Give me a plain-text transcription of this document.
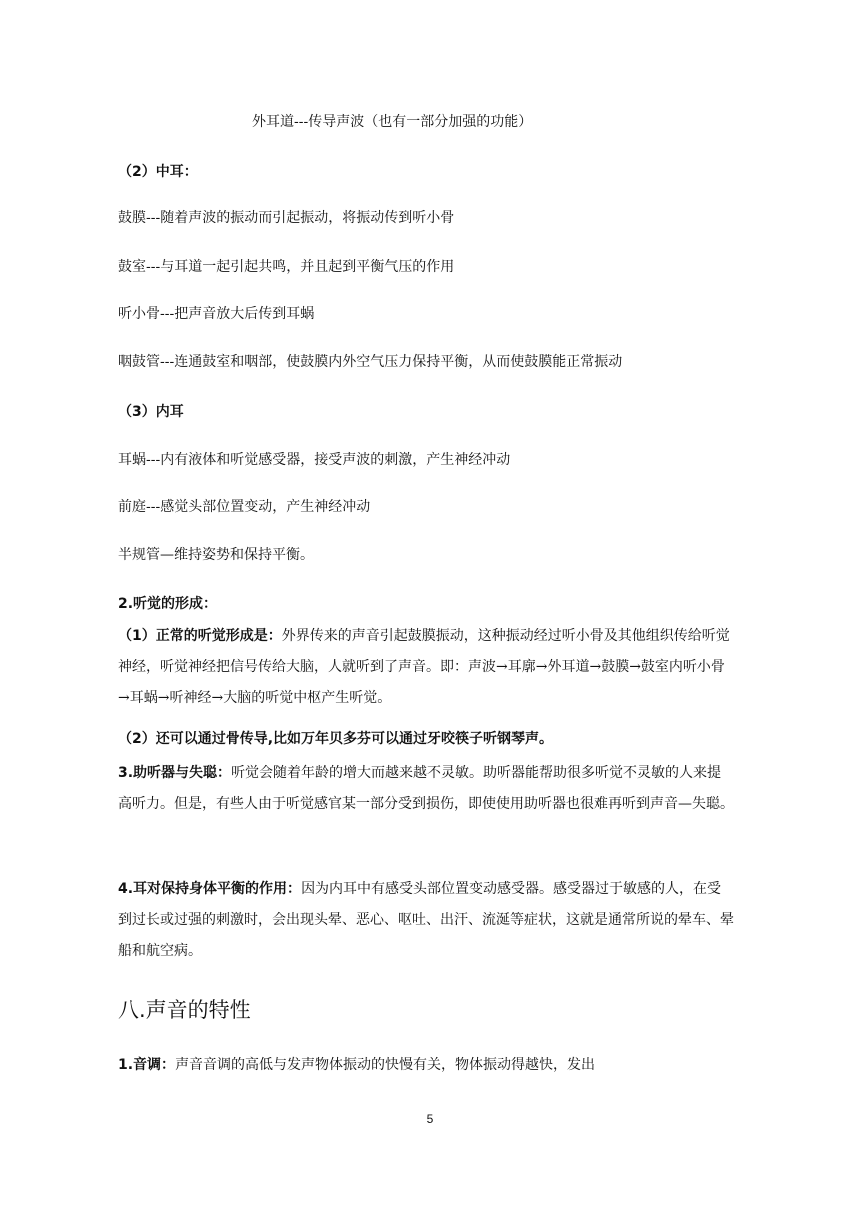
外耳道---传导声波（也有一部分加强的功能）
（2）中耳：
鼓膜---随着声波的振动而引起振动，将振动传到听小骨
鼓室---与耳道一起引起共鸣，并且起到平衡气压的作用
听小骨---把声音放大后传到耳蜗
咽鼓管---连通鼓室和咽部，使鼓膜内外空气压力保持平衡，从而使鼓膜能正常振动
（3）内耳
耳蜗---内有液体和听觉感受器，接受声波的刺激，产生神经冲动
前庭---感觉头部位置变动，产生神经冲动
半规管—维持姿势和保持平衡。
2.听觉的形成：
（1）正常的听觉形成是：外界传来的声音引起鼓膜振动，这种振动经过听小骨及其他组织传给听觉神经，听觉神经把信号传给大脑，人就听到了声音。即：声波→耳廓→外耳道→鼓膜→鼓室内听小骨→耳蜗→听神经→大脑的听觉中枢产生听觉。
（2）还可以通过骨传导,比如万年贝多芬可以通过牙咬筷子听钢琴声。
3.助听器与失聪：听觉会随着年龄的增大而越来越不灵敏。助听器能帮助很多听觉不灵敏的人来提高听力。但是，有些人由于听觉感官某一部分受到损伤，即使使用助听器也很难再听到声音—失聪。
4.耳对保持身体平衡的作用：因为内耳中有感受头部位置变动感受器。感受器过于敏感的人，在受到过长或过强的刺激时，会出现头晕、恶心、呕吐、出汗、流涎等症状，这就是通常所说的晕车、晕船和航空病。
八.声音的特性
1.音调：声音音调的高低与发声物体振动的快慢有关，物体振动得越快，发出
5
